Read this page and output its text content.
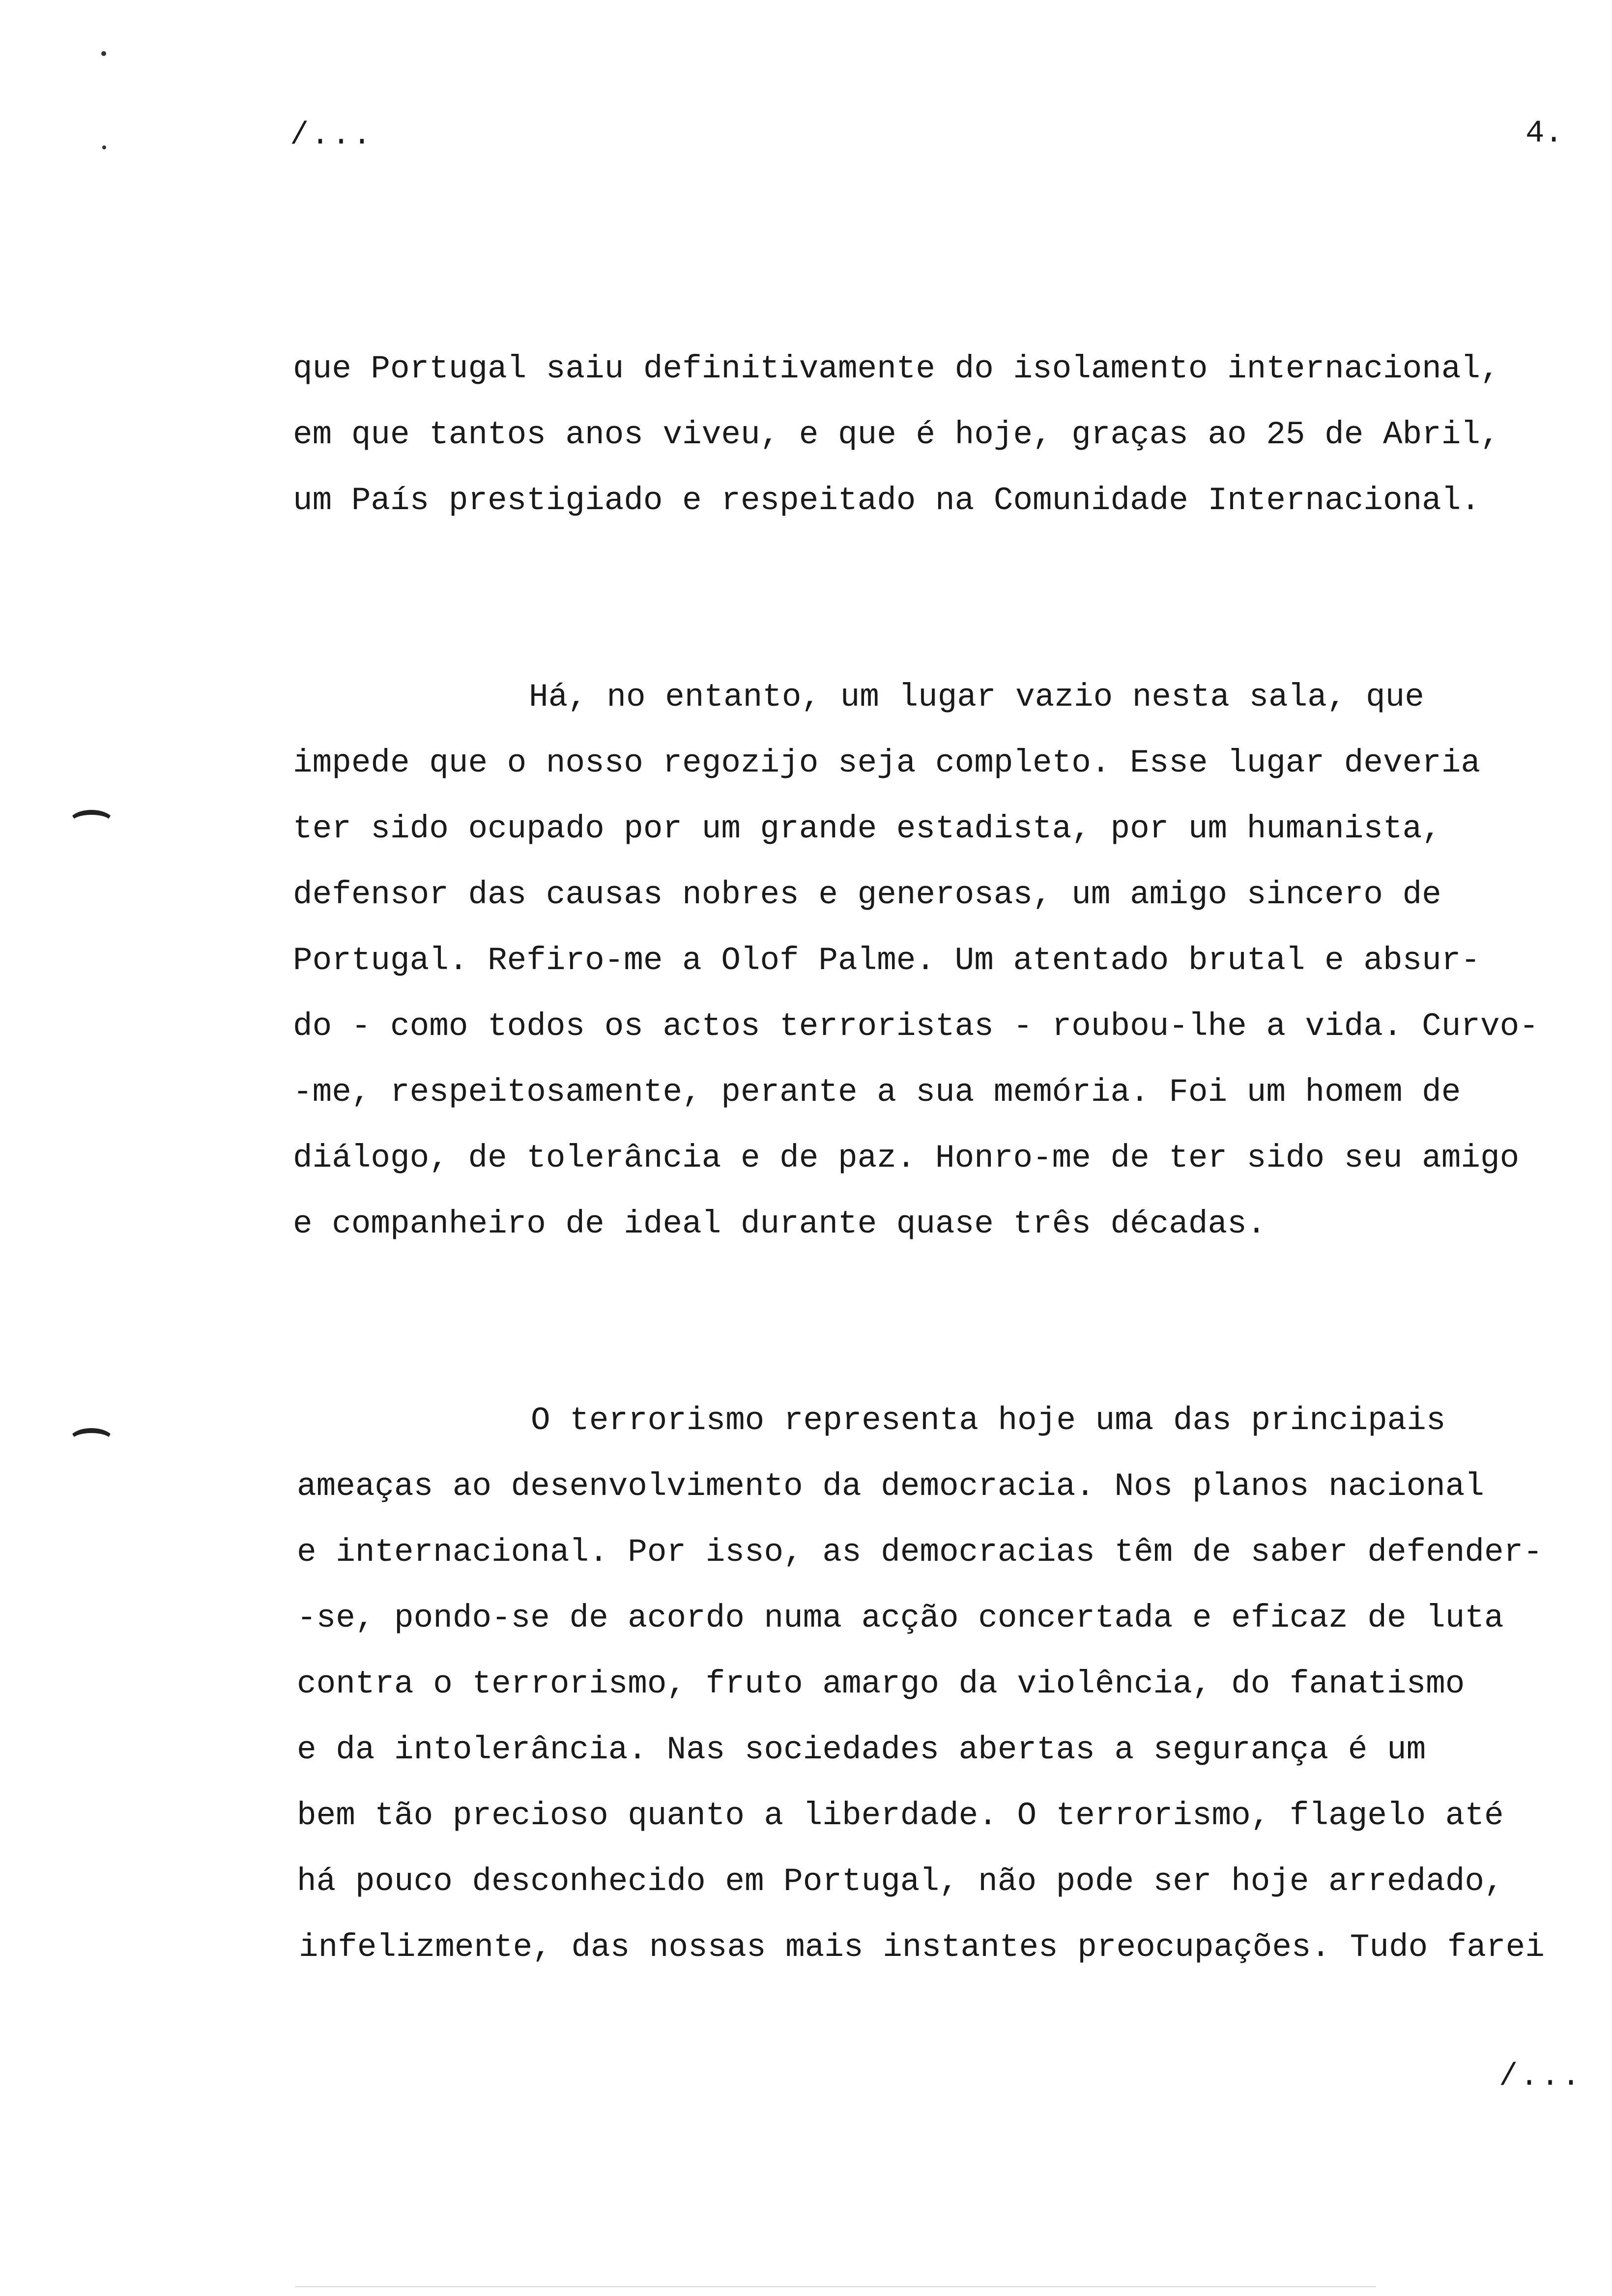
/...	4.
que Portugal saiu definitivamente do isolamento internacional,
em que tantos anos viveu, e que é hoje, graças ao 25 de Abril,
um País prestigiado e respeitado na Comunidade Internacional.
Há, no entanto, um lugar vazio nesta sala, que
impede que o nosso regozijo seja completo. Esse lugar deveria
ter sido ocupado por um grande estadista, por um humanista,
defensor das causas nobres e generosas, um amigo sincero de
Portugal. Refiro-me a Olof Palme. Um atentado brutal e absur-
do - como todos os actos terroristas - roubou-lhe a vida. Curvo-
-me, respeitosamente, perante a sua memória. Foi um homem de
diálogo, de tolerância e de paz. Honro-me de ter sido seu amigo
e companheiro de ideal durante quase três décadas.
O terrorismo representa hoje uma das principais
ameaças ao desenvolvimento da democracia. Nos planos nacional
e internacional. Por isso, as democracias têm de saber defender-
-se, pondo-se de acordo numa acção concertada e eficaz de luta
contra o terrorismo, fruto amargo da violência, do fanatismo
e da intolerância. Nas sociedades abertas a segurança é um
bem tão precioso quanto a liberdade. O terrorismo, flagelo até
há pouco desconhecido em Portugal, não pode ser hoje arredado,
infelizmente, das nossas mais instantes preocupações. Tudo farei
/...
